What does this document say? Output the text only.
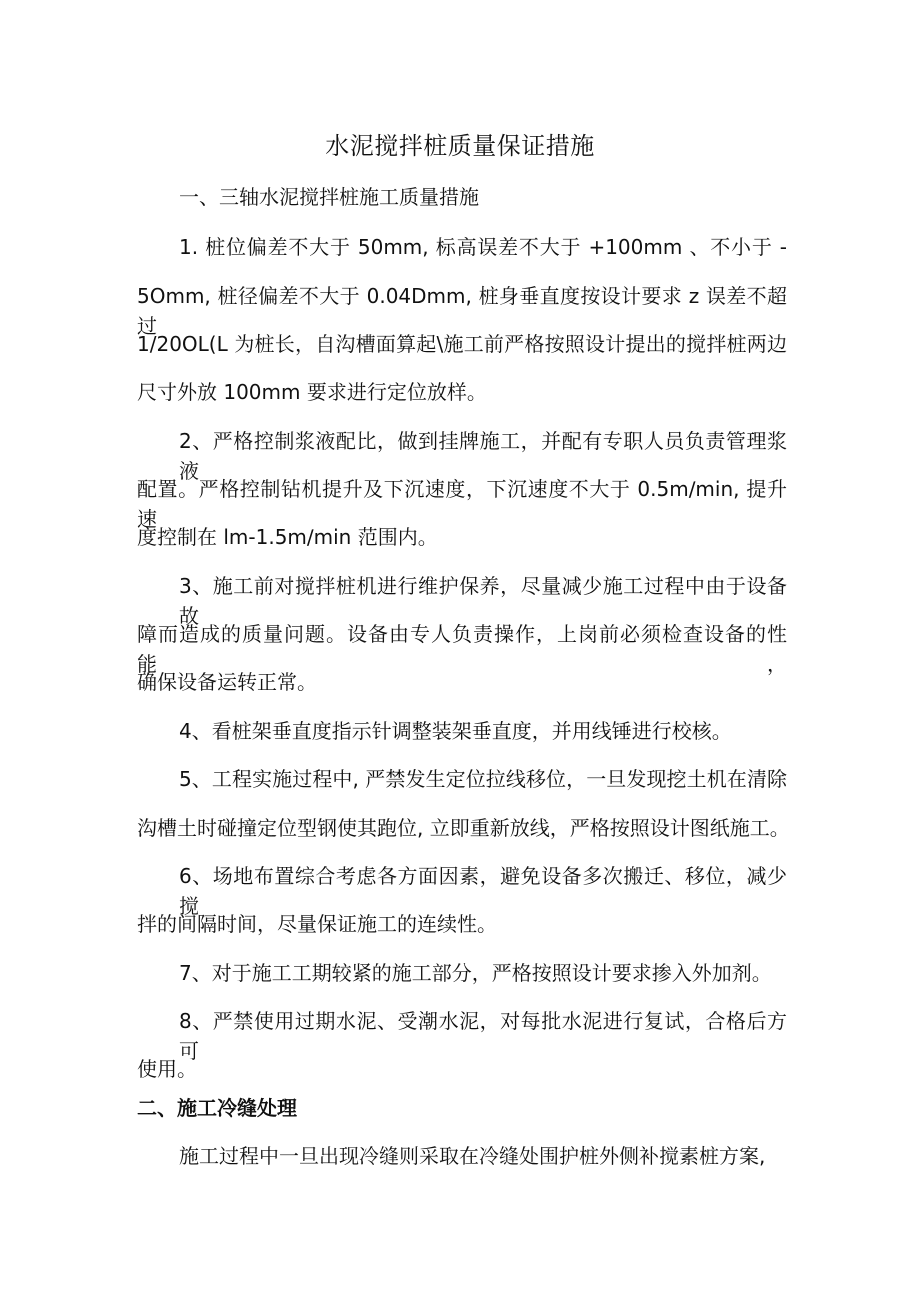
水泥搅拌桩质量保证措施
一、三轴水泥搅拌桩施工质量措施
1. 桩位偏差不大于 50mm, 标高误差不大于 +100mm 、不小于 -
5Omm, 桩径偏差不大于 0.04Dmm, 桩身垂直度按设计要求 z 误差不超过
1/20OL(L 为桩长，自沟槽面算起\施工前严格按照设计提出的搅拌桩两边
尺寸外放 100mm 要求进行定位放样。
2、严格控制浆液配比，做到挂牌施工，并配有专职人员负责管理浆液
配置。严格控制钻机提升及下沉速度，下沉速度不大于 0.5m∕min, 提升速
度控制在 lm-1.5m∕min 范围内。
3、施工前对搅拌桩机进行维护保养，尽量减少施工过程中由于设备故
障而造成的质量问题。设备由专人负责操作，上岗前必须检查设备的性能，
确保设备运转正常。
4、看桩架垂直度指示针调整装架垂直度，并用线锤进行校核。
5、工程实施过程中, 严禁发生定位拉线移位，一旦发现挖土机在清除
沟槽土时碰撞定位型钢使其跑位, 立即重新放线，严格按照设计图纸施工。
6、场地布置综合考虑各方面因素，避免设备多次搬迁、移位，减少搅
拌的间隔时间，尽量保证施工的连续性。
7、对于施工工期较紧的施工部分，严格按照设计要求掺入外加剂。
8、严禁使用过期水泥、受潮水泥，对每批水泥进行复试，合格后方可
使用。
二、施工冷缝处理
施工过程中一旦出现冷缝则采取在冷缝处围护桩外侧补搅素桩方案,
